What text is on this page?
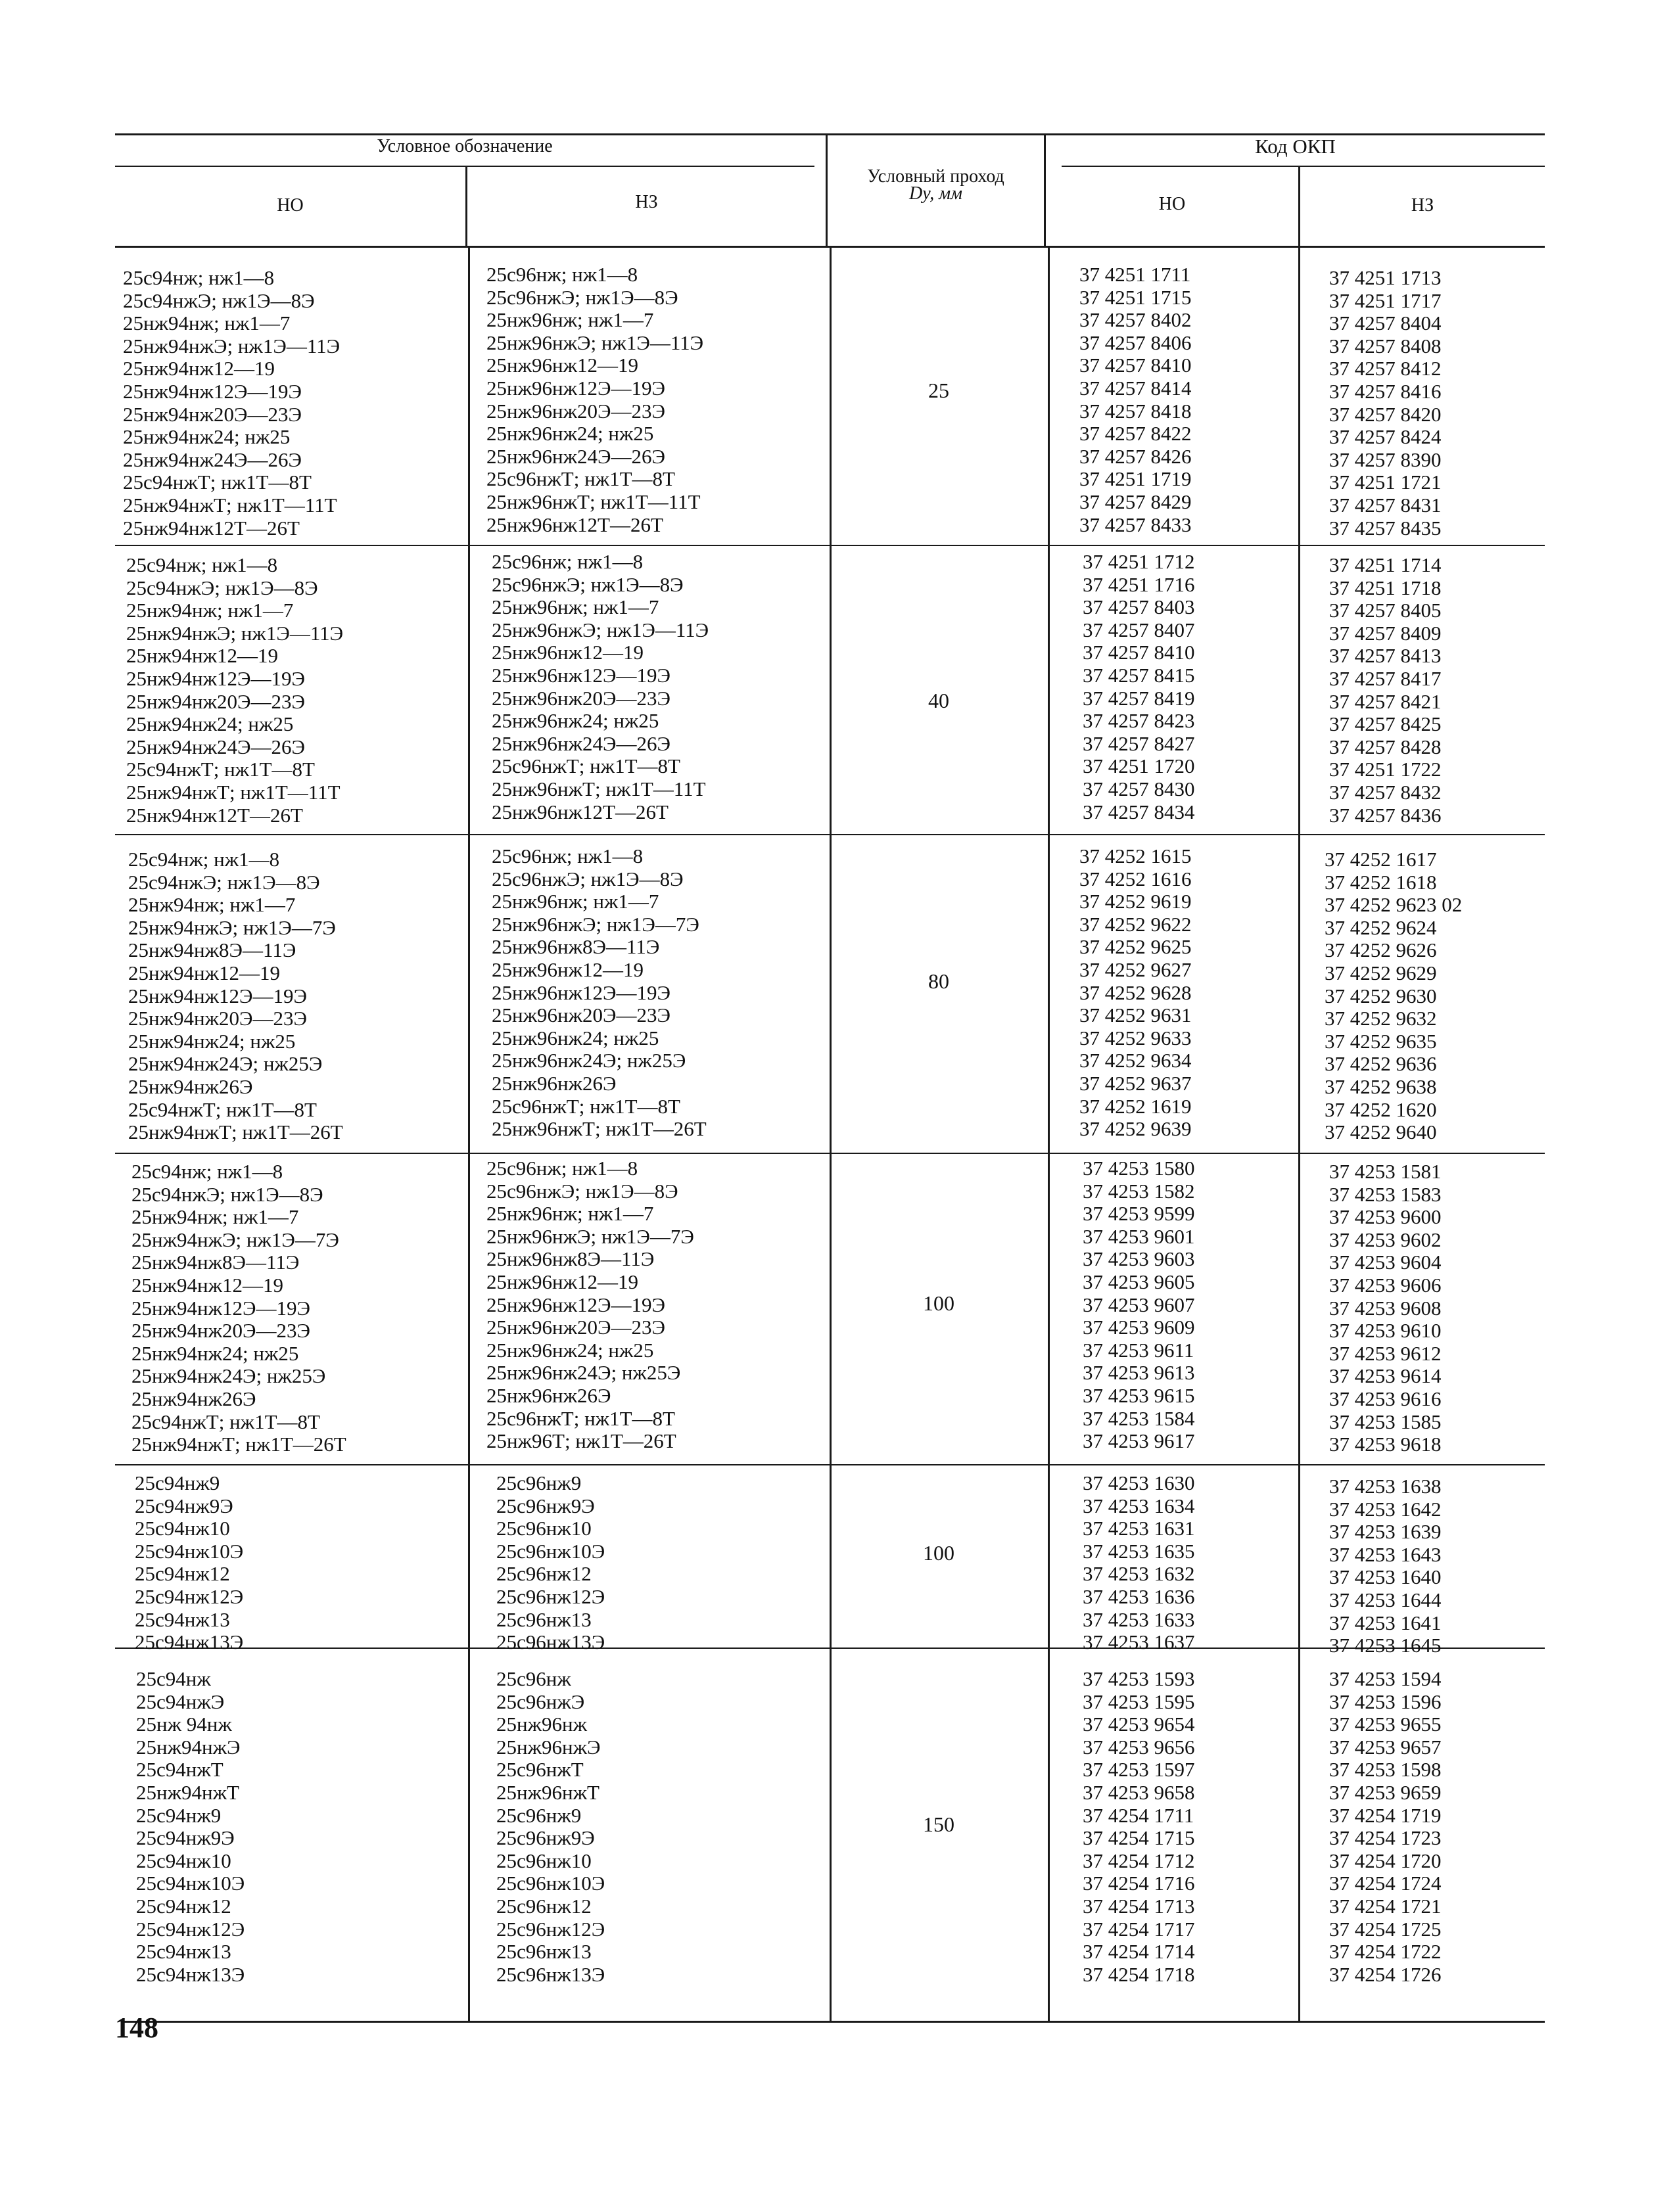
Условное обозначение
НО	НЗ
Условный проход
Dу, мм
Код ОКП
НО	НЗ
25с94нж; нж1—8
25с94нжЭ; нж1Э—8Э
25нж94нж; нж1—7
25нж94нжЭ; нж1Э—11Э
25нж94нж12—19
25нж94нж12Э—19Э
25нж94нж20Э—23Э
25нж94нж24; нж25
25нж94нж24Э—26Э
25с94нжТ; нж1Т—8Т
25нж94нжТ; нж1Т—11Т
25нж94нж12Т—26Т
25с96нж; нж1—8
25с96нжЭ; нж1Э—8Э
25нж96нж; нж1—7
25нж96нжЭ; нж1Э—11Э
25нж96нж12—19
25нж96нж12Э—19Э
25нж96нж20Э—23Э
25нж96нж24; нж25
25нж96нж24Э—26Э
25с96нжТ; нж1Т—8Т
25нж96нжТ; нж1Т—11Т
25нж96нж12Т—26Т
25
37 4251 1711
37 4251 1715
37 4257 8402
37 4257 8406
37 4257 8410
37 4257 8414
37 4257 8418
37 4257 8422
37 4257 8426
37 4251 1719
37 4257 8429
37 4257 8433
37 4251 1713
37 4251 1717
37 4257 8404
37 4257 8408
37 4257 8412
37 4257 8416
37 4257 8420
37 4257 8424
37 4257 8390
37 4251 1721
37 4257 8431
37 4257 8435
25с94нж; нж1—8
25с94нжЭ; нж1Э—8Э
25нж94нж; нж1—7
25нж94нжЭ; нж1Э—11Э
25нж94нж12—19
25нж94нж12Э—19Э
25нж94нж20Э—23Э
25нж94нж24; нж25
25нж94нж24Э—26Э
25с94нжТ; нж1Т—8Т
25нж94нжТ; нж1Т—11Т
25нж94нж12Т—26Т
25с96нж; нж1—8
25с96нжЭ; нж1Э—8Э
25нж96нж; нж1—7
25нж96нжЭ; нж1Э—11Э
25нж96нж12—19
25нж96нж12Э—19Э
25нж96нж20Э—23Э
25нж96нж24; нж25
25нж96нж24Э—26Э
25с96нжТ; нж1Т—8Т
25нж96нжТ; нж1Т—11Т
25нж96нж12Т—26Т
40
37 4251 1712
37 4251 1716
37 4257 8403
37 4257 8407
37 4257 8410
37 4257 8415
37 4257 8419
37 4257 8423
37 4257 8427
37 4251 1720
37 4257 8430
37 4257 8434
37 4251 1714
37 4251 1718
37 4257 8405
37 4257 8409
37 4257 8413
37 4257 8417
37 4257 8421
37 4257 8425
37 4257 8428
37 4251 1722
37 4257 8432
37 4257 8436
25с94нж; нж1—8
25с94нжЭ; нж1Э—8Э
25нж94нж; нж1—7
25нж94нжЭ; нж1Э—7Э
25нж94нж8Э—11Э
25нж94нж12—19
25нж94нж12Э—19Э
25нж94нж20Э—23Э
25нж94нж24; нж25
25нж94нж24Э; нж25Э
25нж94нж26Э
25с94нжТ; нж1Т—8Т
25нж94нжТ; нж1Т—26Т
25с96нж; нж1—8
25с96нжЭ; нж1Э—8Э
25нж96нж; нж1—7
25нж96нжЭ; нж1Э—7Э
25нж96нж8Э—11Э
25нж96нж12—19
25нж96нж12Э—19Э
25нж96нж20Э—23Э
25нж96нж24; нж25
25нж96нж24Э; нж25Э
25нж96нж26Э
25с96нжТ; нж1Т—8Т
25нж96нжТ; нж1Т—26Т
80
37 4252 1615
37 4252 1616
37 4252 9619
37 4252 9622
37 4252 9625
37 4252 9627
37 4252 9628
37 4252 9631
37 4252 9633
37 4252 9634
37 4252 9637
37 4252 1619
37 4252 9639
37 4252 1617
37 4252 1618
37 4252 9623 02
37 4252 9624
37 4252 9626
37 4252 9629
37 4252 9630
37 4252 9632
37 4252 9635
37 4252 9636
37 4252 9638
37 4252 1620
37 4252 9640
25с94нж; нж1—8
25с94нжЭ; нж1Э—8Э
25нж94нж; нж1—7
25нж94нжЭ; нж1Э—7Э
25нж94нж8Э—11Э
25нж94нж12—19
25нж94нж12Э—19Э
25нж94нж20Э—23Э
25нж94нж24; нж25
25нж94нж24Э; нж25Э
25нж94нж26Э
25с94нжТ; нж1Т—8Т
25нж94нжТ; нж1Т—26Т
25с96нж; нж1—8
25с96нжЭ; нж1Э—8Э
25нж96нж; нж1—7
25нж96нжЭ; нж1Э—7Э
25нж96нж8Э—11Э
25нж96нж12—19
25нж96нж12Э—19Э
25нж96нж20Э—23Э
25нж96нж24; нж25
25нж96нж24Э; нж25Э
25нж96нж26Э
25с96нжТ; нж1Т—8Т
25нж96Т; нж1Т—26Т
100
37 4253 1580
37 4253 1582
37 4253 9599
37 4253 9601
37 4253 9603
37 4253 9605
37 4253 9607
37 4253 9609
37 4253 9611
37 4253 9613
37 4253 9615
37 4253 1584
37 4253 9617
37 4253 1581
37 4253 1583
37 4253 9600
37 4253 9602
37 4253 9604
37 4253 9606
37 4253 9608
37 4253 9610
37 4253 9612
37 4253 9614
37 4253 9616
37 4253 1585
37 4253 9618
25с94нж9
25с94нж9Э
25с94нж10
25с94нж10Э
25с94нж12
25с94нж12Э
25с94нж13
25с94нж13Э
25с96нж9
25с96нж9Э
25с96нж10
25с96нж10Э
25с96нж12
25с96нж12Э
25с96нж13
25с96нж13Э
100
37 4253 1630
37 4253 1634
37 4253 1631
37 4253 1635
37 4253 1632
37 4253 1636
37 4253 1633
37 4253 1637
37 4253 1638
37 4253 1642
37 4253 1639
37 4253 1643
37 4253 1640
37 4253 1644
37 4253 1641
37 4253 1645
25с94нж
25с94нжЭ
25нж 94нж
25нж94нжЭ
25с94нжТ
25нж94нжТ
25с94нж9
25с94нж9Э
25с94нж10
25с94нж10Э
25с94нж12
25с94нж12Э
25с94нж13
25с94нж13Э
25с96нж
25с96нжЭ
25нж96нж
25нж96нжЭ
25с96нжТ
25нж96нжТ
25с96нж9
25с96нж9Э
25с96нж10
25с96нж10Э
25с96нж12
25с96нж12Э
25с96нж13
25с96нж13Э
150
37 4253 1593
37 4253 1595
37 4253 9654
37 4253 9656
37 4253 1597
37 4253 9658
37 4254 1711
37 4254 1715
37 4254 1712
37 4254 1716
37 4254 1713
37 4254 1717
37 4254 1714
37 4254 1718
37 4253 1594
37 4253 1596
37 4253 9655
37 4253 9657
37 4253 1598
37 4253 9659
37 4254 1719
37 4254 1723
37 4254 1720
37 4254 1724
37 4254 1721
37 4254 1725
37 4254 1722
37 4254 1726
148
